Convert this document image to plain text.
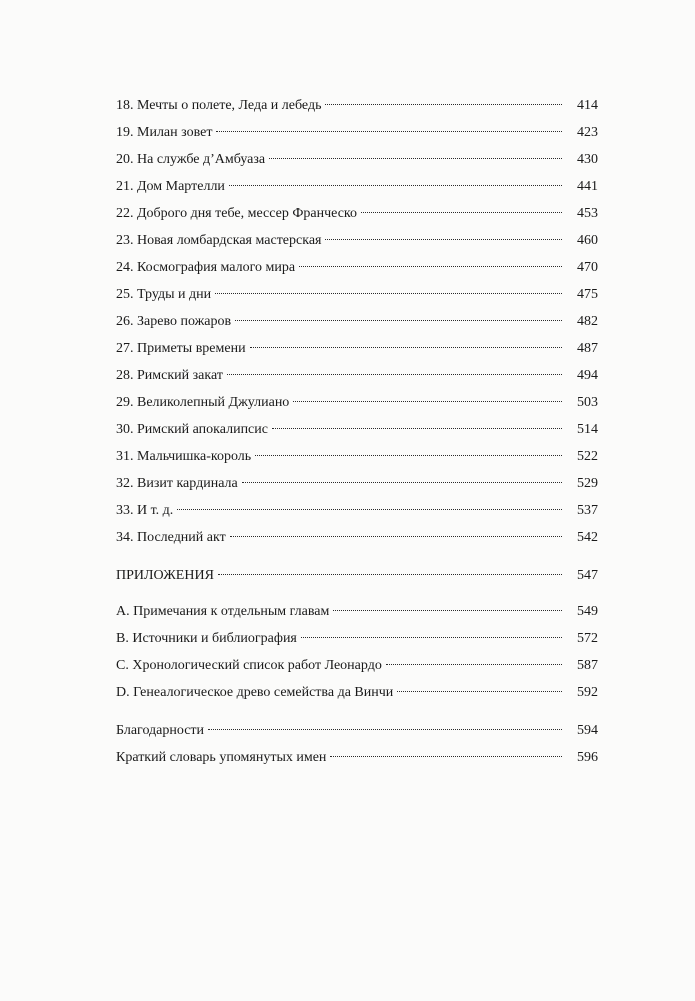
18. Мечты о полете, Леда и лебедь	414
19. Милан зовет	423
20. На службе д’Амбуаза	430
21. Дом Мартелли	441
22. Доброго дня тебе, мессер Франческо	453
23. Новая ломбардская мастерская	460
24. Космография малого мира	470
25. Труды и дни	475
26. Зарево пожаров	482
27. Приметы времени	487
28. Римский закат	494
29. Великолепный Джулиано	503
30. Римский апокалипсис	514
31. Мальчишка-король	522
32. Визит кардинала	529
33. И т. д.	537
34. Последний акт	542
ПРИЛОЖЕНИЯ	547
A. Примечания к отдельным главам	549
B. Источники и библиография	572
C. Хронологический список работ Леонардо	587
D. Генеалогическое древо семейства да Винчи	592
Благодарности	594
Краткий словарь упомянутых имен	596
